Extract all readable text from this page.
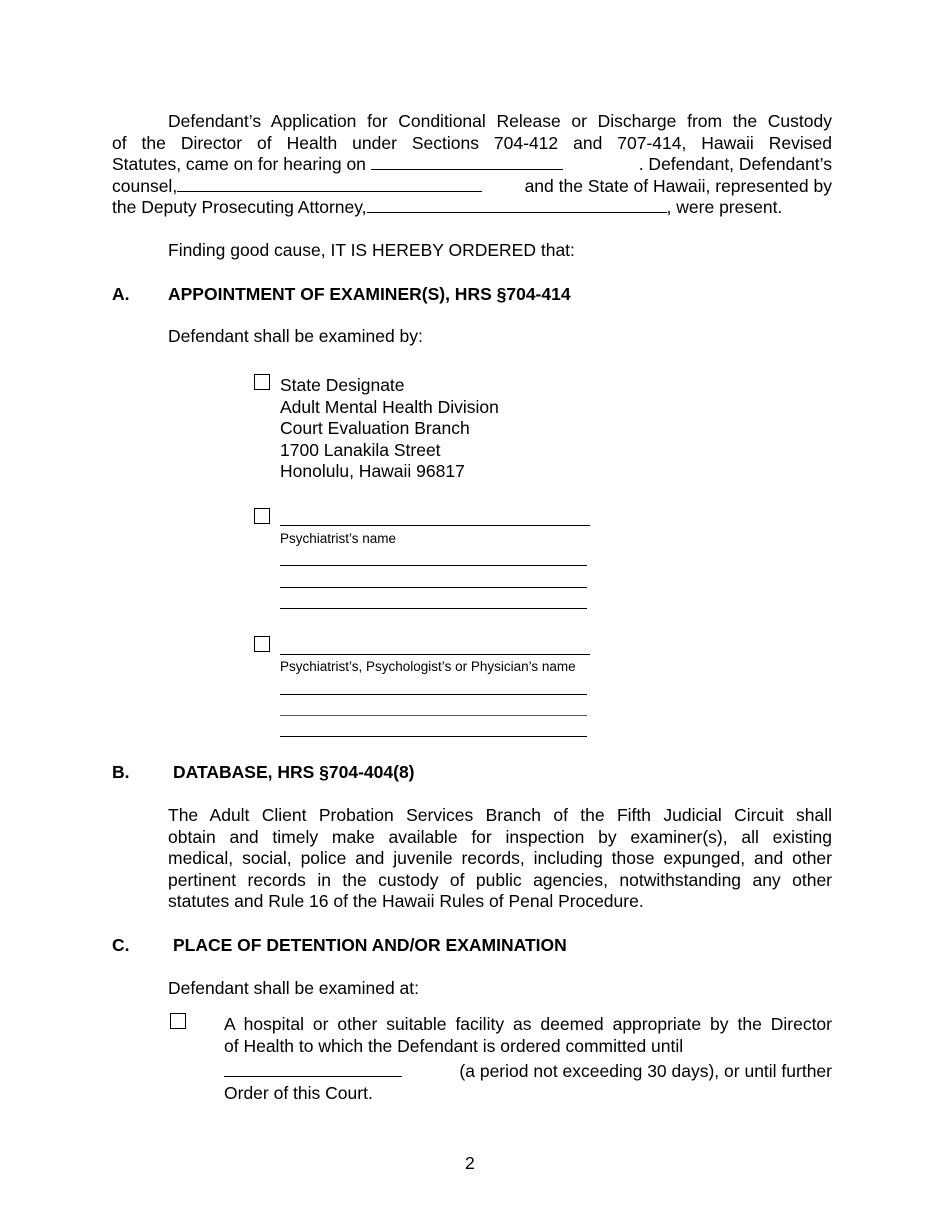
Defendant’s Application for Conditional Release or Discharge from the Custody
of the Director of Health under Sections 704-412 and 707-414, Hawaii Revised
Statutes, came on for hearing on	. Defendant, Defendant’s
counsel,	and the State of Hawaii, represented by
the Deputy Prosecuting Attorney,	, were present.
Finding good cause, IT IS HEREBY ORDERED that:
A. APPOINTMENT OF EXAMINER(S), HRS §704-414
Defendant shall be examined by:
State Designate
Adult Mental Health Division
Court Evaluation Branch
1700 Lanakila Street
Honolulu, Hawaii 96817
Psychiatrist’s name
Psychiatrist’s, Psychologist’s or Physician’s name
B. DATABASE, HRS §704-404(8)
The Adult Client Probation Services Branch of the Fifth Judicial Circuit shall
obtain and timely make available for inspection by examiner(s), all existing
medical, social, police and juvenile records, including those expunged, and other
pertinent records in the custody of public agencies, notwithstanding any other
statutes and Rule 16 of the Hawaii Rules of Penal Procedure.
C. PLACE OF DETENTION AND/OR EXAMINATION
Defendant shall be examined at:
A hospital or other suitable facility as deemed appropriate by the Director
of Health to which the Defendant is ordered committed until
(a period not exceeding 30 days), or until further
Order of this Court.
2
